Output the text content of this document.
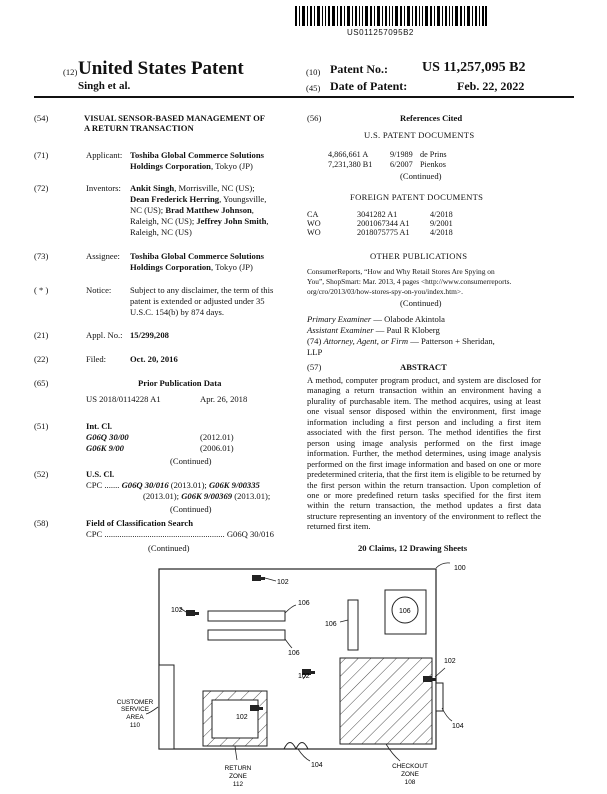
US011257095B2
(12) United States Patent
Singh et al.
(10) Patent No.: US 11,257,095 B2
(45) Date of Patent:	Feb. 22, 2022
(54)	VISUAL SENSOR-BASED MANAGEMENT OF
A RETURN TRANSACTION
(71)	Applicant: Toshiba Global Commerce Solutions
Holdings Corporation, Tokyo (JP)
(72)	Inventors: Ankit Singh, Morrisville, NC (US);
Dean Frederick Herring, Youngsville,
NC (US); Brad Matthew Johnson,
Raleigh, NC (US); Jeffrey John Smith,
Raleigh, NC (US)
(73)	Assignee: Toshiba Global Commerce Solutions
Holdings Corporation, Tokyo (JP)
( * )	Notice: Subject to any disclaimer, the term of this
patent is extended or adjusted under 35
U.S.C. 154(b) by 874 days.
(21)	Appl. No.: 15/299,208
(22)	Filed:	Oct. 20, 2016
(65)	Prior Publication Data
US 2018/0114228 A1	Apr. 26, 2018
(51)	Int. Cl.
G06Q 30/00	(2012.01)
G06K 9/00	(2006.01)
(Continued)
(52)	U.S. Cl.
CPC ....... G06Q 30/016 (2013.01); G06K 9/00335
(2013.01); G06K 9/00369 (2013.01);
(Continued)
(58)	Field of Classification Search
CPC ........................................................ G06Q 30/016
(Continued)
(56)	References Cited
U.S. PATENT DOCUMENTS
4,866,661 A	9/1989 de Prins
7,231,380 B1 6/2007 Pienkos
(Continued)
FOREIGN PATENT DOCUMENTS
CA	3041282 A1	4/2018
WO	2001067344 A1 9/2001
WO	2018075775 A1 4/2018
OTHER PUBLICATIONS
ConsumerReports, “How and Why Retail Stores Are Spying on
You”, ShopSmart: Mar. 2013, 4 pages <http://www.consumerreports.
org/cro/2013/03/how-stores-spy-on-you/index.htm>.
(Continued)
Primary Examiner — Olabode Akintola
Assistant Examiner — Paul R Kloberg
(74) Attorney, Agent, or Firm — Patterson + Sheridan,
LLP
(57)	ABSTRACT
A method, computer program product, and system are disclosed for managing a return transaction within an environment having a plurality of purchasable item. The method acquires, using at least one visual sensor disposed within the environment, first image information including a first person and including a first item associated with the first person. The method identifies the first person using image analysis performed on the first image information. Further, the method determines, using image analysis performed on the first image information and based on one or more predetermined criteria, that the first item is eligible to be returned by the first person within the return transaction. Upon completion of one or more predefined return tasks specified for the first item within the return transaction, the method updates a first data structure representing an inventory of the environment to reflect the returned first item.
20 Claims, 12 Drawing Sheets
100
102
102
102
102
102
106
106
106
106
104
104
CUSTOMER
SERVICE
AREA
110
RETURN
ZONE
112
CHECKOUT
ZONE
108
